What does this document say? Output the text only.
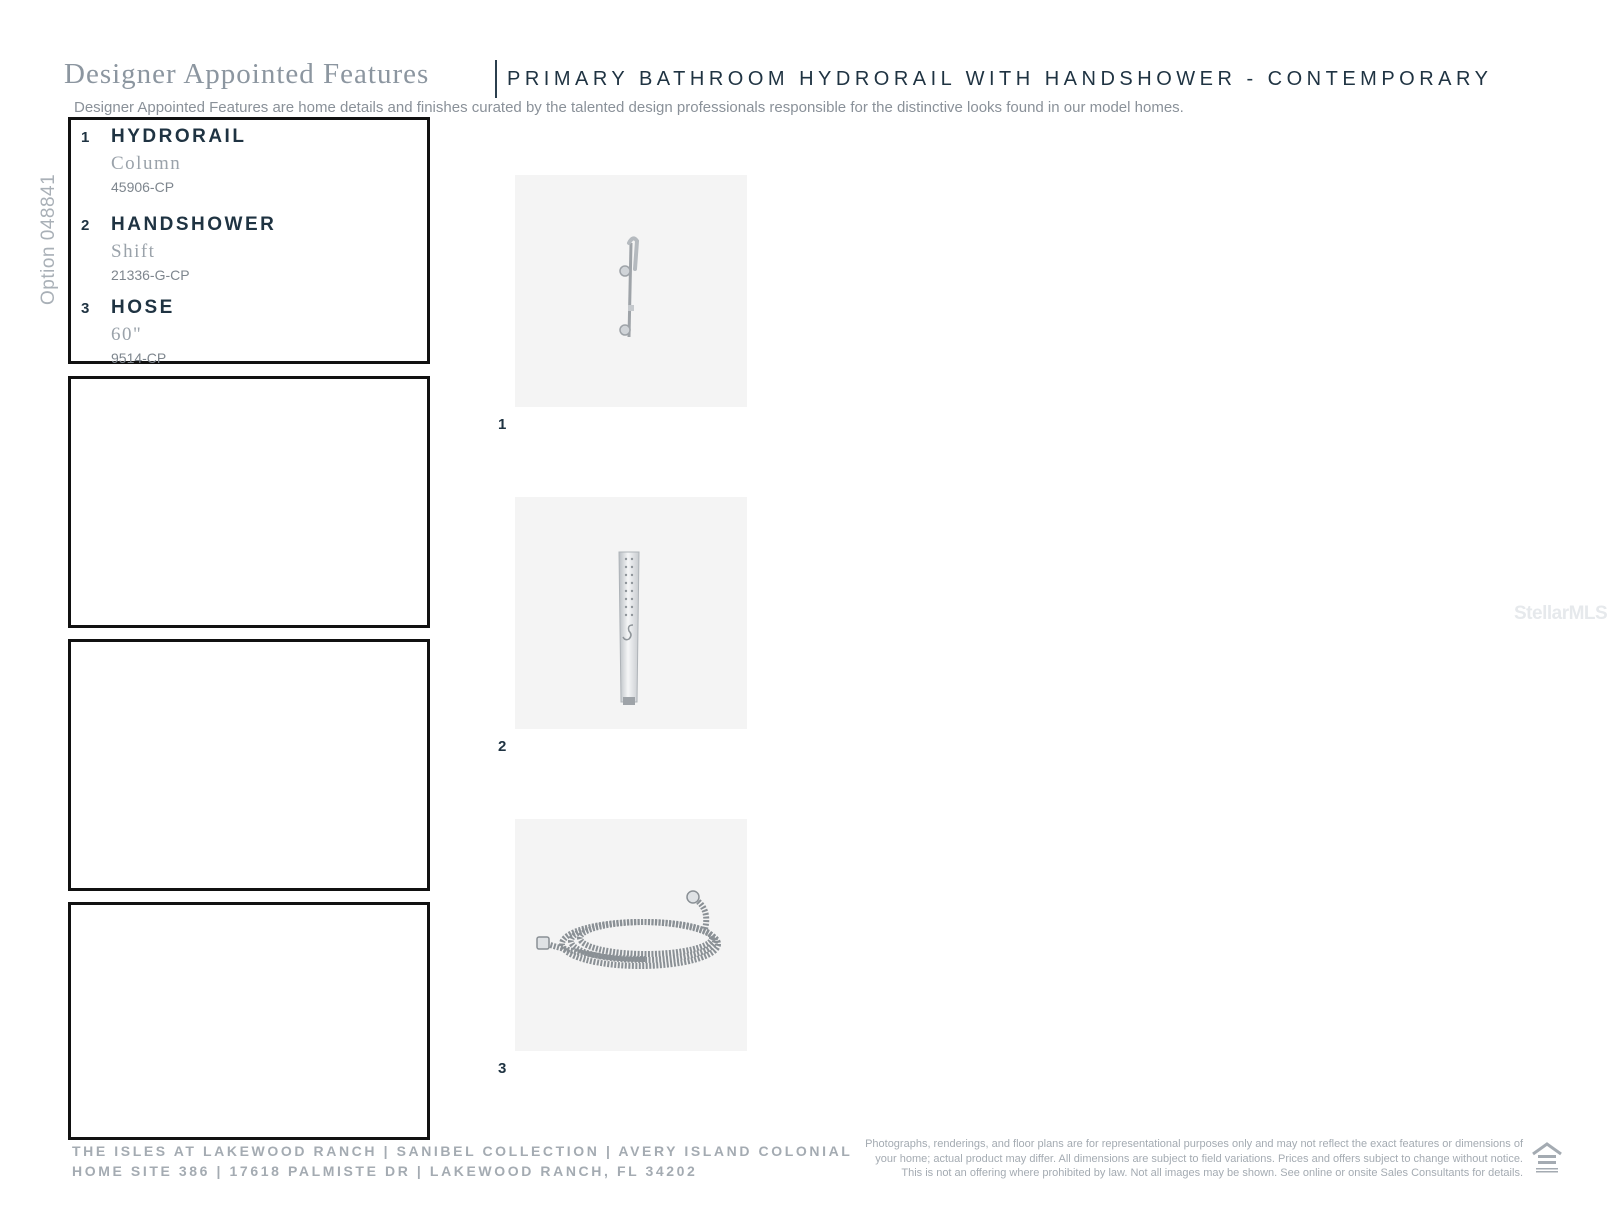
Designer Appointed Features	PRIMARY BATHROOM HYDRORAIL WITH HANDSHOWER - CONTEMPORARY
Designer Appointed Features are home details and finishes curated by the talented design professionals responsible for the distinctive looks found in our model homes.
Option 048841
1 HYDRORAIL
Column
45906-CP
2 HANDSHOWER
Shift
21336-G-CP
3 HOSE
60"
9514-CP
1
2
3
StellarMLS
THE ISLES AT LAKEWOOD RANCH | SANIBEL COLLECTION | AVERY ISLAND COLONIAL
HOME SITE 386 | 17618 PALMISTE DR | LAKEWOOD RANCH, FL 34202
Photographs, renderings, and floor plans are for representational purposes only and may not reflect the exact features or dimensions of
your home; actual product may differ. All dimensions are subject to field variations. Prices and offers subject to change without notice.
This is not an offering where prohibited by law. Not all images may be shown. See online or onsite Sales Consultants for details.
